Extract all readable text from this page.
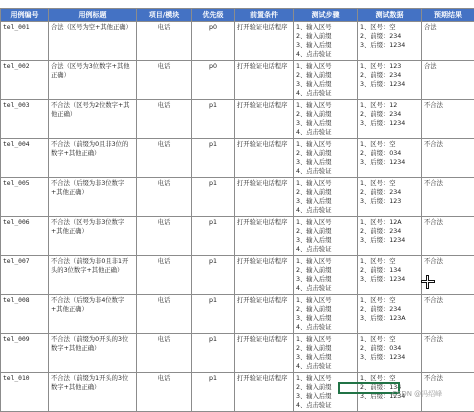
用例编号	用例标题	项目/模块	优先级	前置条件	测试步骤	测试数据	预期结果
tel_001	合法（区号为空+其他正确）	电话	p0	打开验证电话程序	1、输入区号
2、输入前缀
3、输入后缀
4、点击验证	1、区号：空
2、前缀：234
3、后缀：1234	合法
tel_002	合法（区号为3位数字+其他正确）	电话	p0	打开验证电话程序	1、输入区号
2、输入前缀
3、输入后缀
4、点击验证	1、区号：123
2、前缀：234
3、后缀：1234	合法
tel_003	不合法（区号为2位数字+其他正确）	电话	p1	打开验证电话程序	1、输入区号
2、输入前缀
3、输入后缀
4、点击验证	1、区号：12
2、前缀：234
3、后缀：1234	不合法
tel_004	不合法（前缀为0且非3位的数字+其他正确）	电话	p1	打开验证电话程序	1、输入区号
2、输入前缀
3、输入后缀
4、点击验证	1、区号：空
2、前缀：034
3、后缀：1234	不合法
tel_005	不合法（后缀为非3位数字+其他正确）	电话	p1	打开验证电话程序	1、输入区号
2、输入前缀
3、输入后缀
4、点击验证	1、区号：空
2、前缀：234
3、后缀：123	不合法
tel_006	不合法（区号为非3位数字+其他正确）	电话	p1	打开验证电话程序	1、输入区号
2、输入前缀
3、输入后缀
4、点击验证	1、区号：12A
2、前缀：234
3、后缀：1234	不合法
tel_007	不合法（前缀为非0且非1开头的3位数字+其他正确）	电话	p1	打开验证电话程序	1、输入区号
2、输入前缀
3、输入后缀
4、点击验证	1、区号：空
2、前缀：134
3、后缀：1234	不合法
tel_008	不合法（后缀为非4位数字+其他正确）	电话	p1	打开验证电话程序	1、输入区号
2、输入前缀
3、输入后缀
4、点击验证	1、区号：空
2、前缀：234
3、后缀：123A	不合法
tel_009	不合法（前缀为0开头的3位数字+其他正确）	电话	p1	打开验证电话程序	1、输入区号
2、输入前缀
3、输入后缀
4、点击验证	1、区号：空
2、前缀：034
3、后缀：1234	不合法
tel_010	不合法（前缀为1开头的3位数字+其他正确）	电话	p1	打开验证电话程序	1、输入区号
2、输入前缀
3、输入后缀
4、点击验证	1、区号：空
2、前缀：134
3、后缀：1234	不合法
CSDN @冯绍峰
